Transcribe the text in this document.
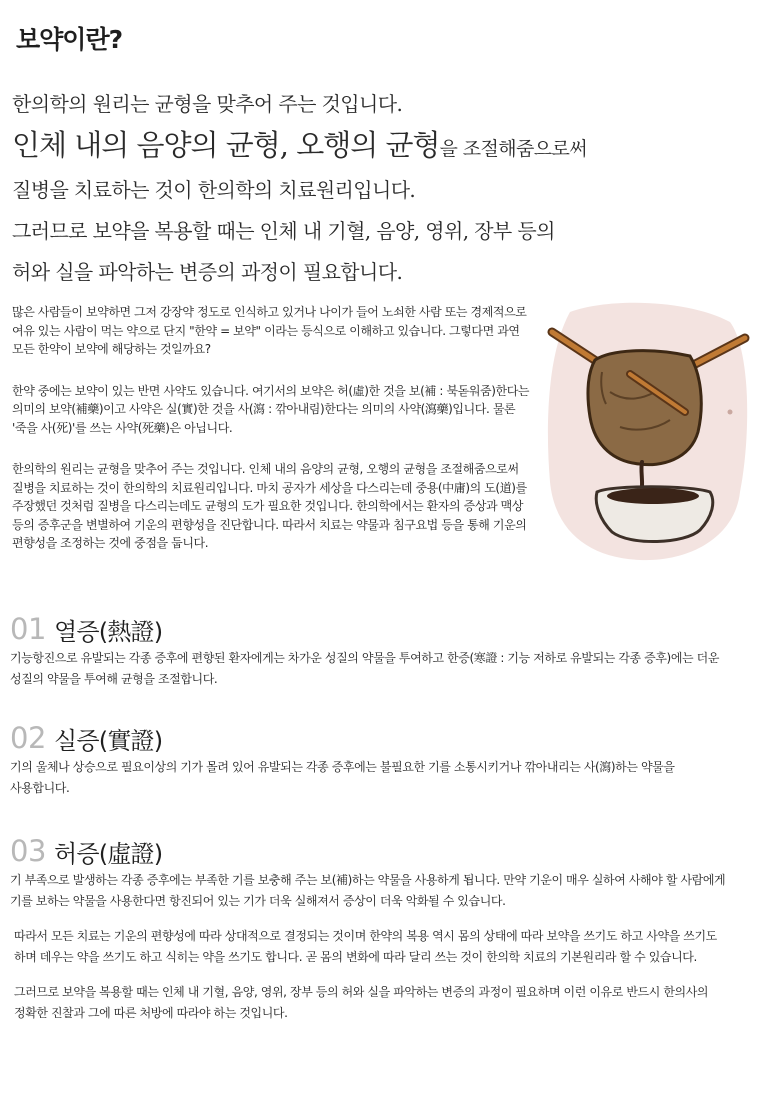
보약이란?
한의학의 원리는 균형을 맞추어 주는 것입니다.
인체 내의 음양의 균형, 오행의 균형을 조절해줌으로써
질병을 치료하는 것이 한의학의 치료원리입니다.
그러므로 보약을 복용할 때는 인체 내 기혈, 음양, 영위, 장부 등의
허와 실을 파악하는 변증의 과정이 필요합니다.

많은 사람들이 보약하면 그저 강장약 정도로 인식하고 있거나 나이가 들어 노쇠한 사람 또는 경제적으로
여유 있는 사람이 먹는 약으로 단지 "한약 = 보약" 이라는 등식으로 이해하고 있습니다. 그렇다면 과연
모든 한약이 보약에 해당하는 것일까요?

한약 중에는 보약이 있는 반면 사약도 있습니다. 여기서의 보약은 허(虛)한 것을 보(補 : 북돋워줌)한다는
의미의 보약(補藥)이고 사약은 실(實)한 것을 사(瀉 : 깎아내림)한다는 의미의 사약(瀉藥)입니다. 물론
'죽을 사(死)'를 쓰는 사약(死藥)은 아닙니다.

한의학의 원리는 균형을 맞추어 주는 것입니다. 인체 내의 음양의 균형, 오행의 균형을 조절해줌으로써
질병을 치료하는 것이 한의학의 치료원리입니다. 마치 공자가 세상을 다스리는데 중용(中庸)의 도(道)를
주장했던 것처럼 질병을 다스리는데도 균형의 도가 필요한 것입니다. 한의학에서는 환자의 증상과 맥상
등의 증후군을 변별하여 기운의 편향성을 진단합니다. 따라서 치료는 약물과 침구요법 등을 통해 기운의
편향성을 조정하는 것에 중점을 둡니다.

01 열증(熱證)
기능항진으로 유발되는 각종 증후에 편향된 환자에게는 차가운 성질의 약물을 투여하고 한증(寒證 : 기능 저하로 유발되는 각종 증후)에는 더운
성질의 약물을 투여해 균형을 조절합니다.
02 실증(實證)
기의 울체나 상승으로 필요이상의 기가 몰려 있어 유발되는 각종 증후에는 불필요한 기를 소통시키거나 깎아내리는 사(瀉)하는 약물을
사용합니다.
03 허증(虛證)
기 부족으로 발생하는 각종 증후에는 부족한 기를 보충해 주는 보(補)하는 약물을 사용하게 됩니다. 만약 기운이 매우 실하여 사해야 할 사람에게
기를 보하는 약물을 사용한다면 항진되어 있는 기가 더욱 실해져서 증상이 더욱 악화될 수 있습니다.
따라서 모든 치료는 기운의 편향성에 따라 상대적으로 결정되는 것이며 한약의 복용 역시 몸의 상태에 따라 보약을 쓰기도 하고 사약을 쓰기도
하며 데우는 약을 쓰기도 하고 식히는 약을 쓰기도 합니다. 곧 몸의 변화에 따라 달리 쓰는 것이 한의학 치료의 기본원리라 할 수 있습니다.
그러므로 보약을 복용할 때는 인체 내 기혈, 음양, 영위, 장부 등의 허와 실을 파악하는 변증의 과정이 필요하며 이런 이유로 반드시 한의사의
정확한 진찰과 그에 따른 처방에 따라야 하는 것입니다.
